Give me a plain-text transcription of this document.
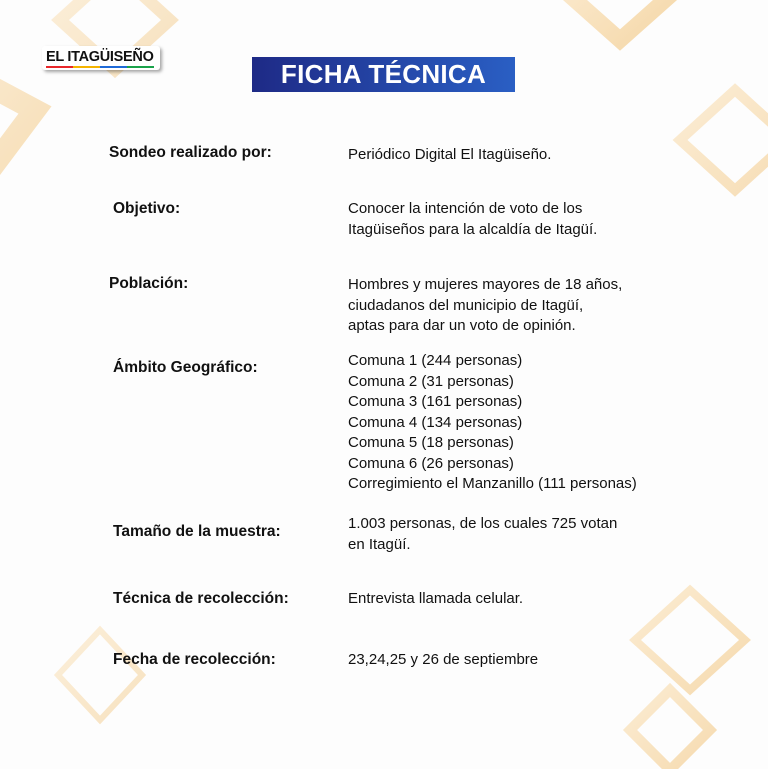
EL ITAGÜISEÑO
FICHA TÉCNICA
Sondeo realizado por:	Periódico Digital El Itagüiseño.
Objetivo:	Conocer la intención de voto de los
Itagüiseños para la alcaldía de Itagüí.
Población:	Hombres y mujeres mayores de 18 años,
ciudadanos del municipio de Itagüí,
aptas para dar un voto de opinión.
Ámbito Geográfico:	Comuna 1 (244 personas)
Comuna 2 (31 personas)
Comuna 3 (161 personas)
Comuna 4 (134 personas)
Comuna 5 (18 personas)
Comuna 6 (26 personas)
Corregimiento el Manzanillo (111 personas)
Tamaño de la muestra:	1.003 personas, de los cuales 725 votan
en Itagüí.
Técnica de recolección:	Entrevista llamada celular.
Fecha de recolección:	23,24,25 y 26 de septiembre
